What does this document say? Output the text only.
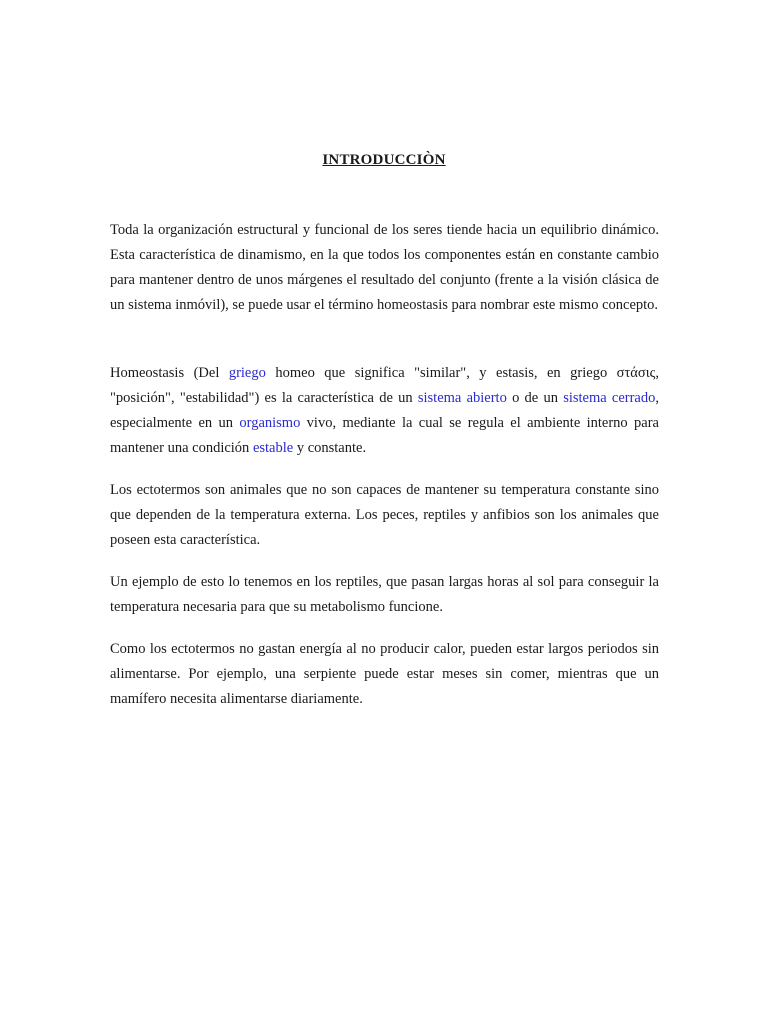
INTRODUCCIÒN

Toda la organización estructural y funcional de los seres tiende hacia un equilibrio dinámico. Esta característica de dinamismo, en la que todos los componentes están en constante cambio para mantener dentro de unos márgenes el resultado del conjunto (frente a la visión clásica de un sistema inmóvil), se puede usar el término homeostasis para nombrar este mismo concepto.

Homeostasis (Del griego homeo que significa "similar", y estasis, en griego στάσις, "posición", "estabilidad") es la característica de un sistema abierto o de un sistema cerrado, especialmente en un organismo vivo, mediante la cual se regula el ambiente interno para mantener una condición estable y constante.

Los ectotermos son animales que no son capaces de mantener su temperatura constante sino que dependen de la temperatura externa. Los peces, reptiles y anfibios son los animales que poseen esta característica.

Un ejemplo de esto lo tenemos en los reptiles, que pasan largas horas al sol para conseguir la temperatura necesaria para que su metabolismo funcione.

Como los ectotermos no gastan energía al no producir calor, pueden estar largos periodos sin alimentarse. Por ejemplo, una serpiente puede estar meses sin comer, mientras que un mamífero necesita alimentarse diariamente.
